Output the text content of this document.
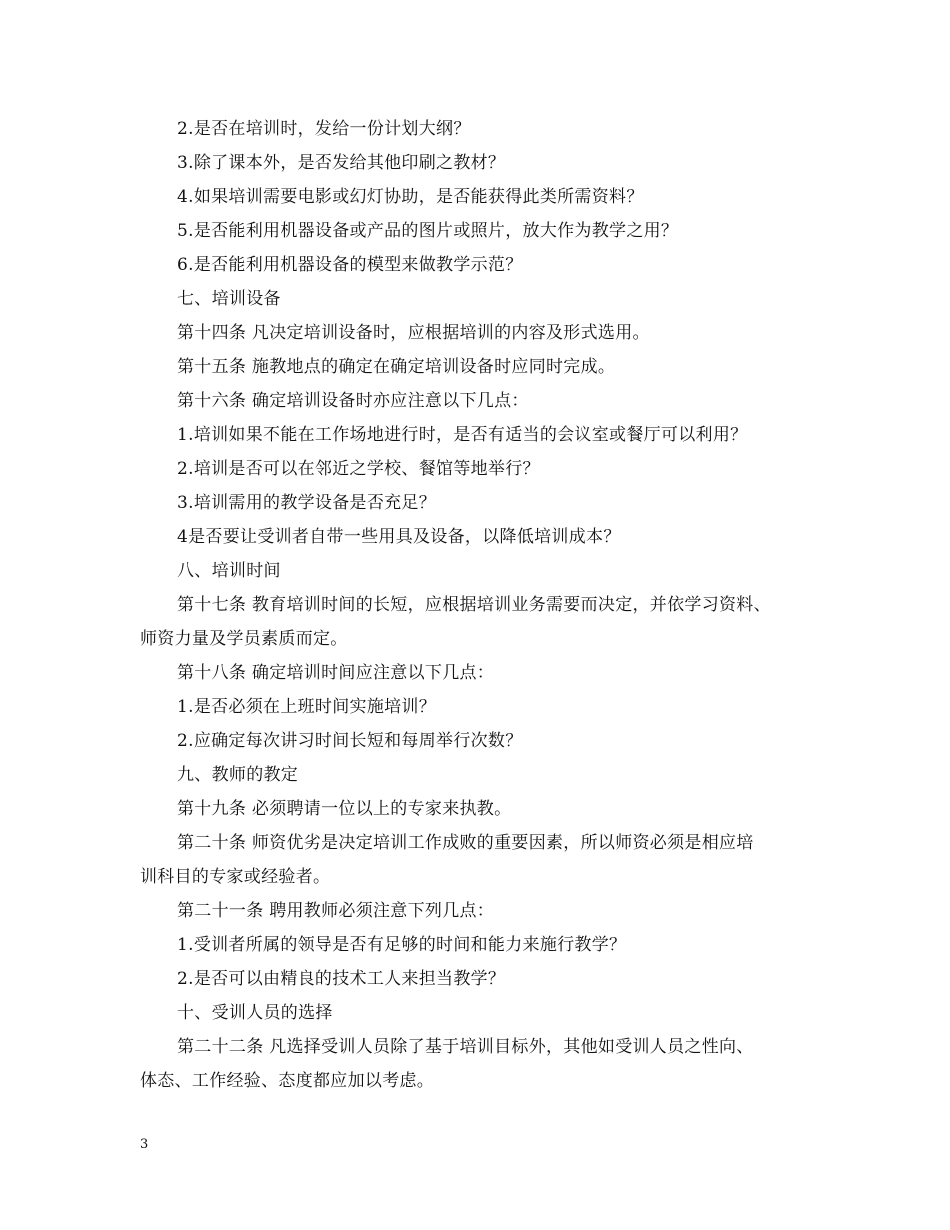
2.是否在培训时，发给一份计划大纲？
3.除了课本外，是否发给其他印刷之教材？
4.如果培训需要电影或幻灯协助，是否能获得此类所需资料？
5.是否能利用机器设备或产品的图片或照片，放大作为教学之用？
6.是否能利用机器设备的模型来做教学示范？
七、培训设备
第十四条 凡决定培训设备时，应根据培训的内容及形式选用。
第十五条 施教地点的确定在确定培训设备时应同时完成。
第十六条 确定培训设备时亦应注意以下几点：
1.培训如果不能在工作场地进行时，是否有适当的会议室或餐厅可以利用？
2.培训是否可以在邻近之学校、餐馆等地举行？
3.培训需用的教学设备是否充足？
4是否要让受训者自带一些用具及设备，以降低培训成本？
八、培训时间
第十七条 教育培训时间的长短，应根据培训业务需要而决定，并依学习资料、
师资力量及学员素质而定。
第十八条 确定培训时间应注意以下几点：
1.是否必须在上班时间实施培训？
2.应确定每次讲习时间长短和每周举行次数？
九、教师的教定
第十九条 必须聘请一位以上的专家来执教。
第二十条 师资优劣是决定培训工作成败的重要因素，所以师资必须是相应培
训科目的专家或经验者。
第二十一条 聘用教师必须注意下列几点：
1.受训者所属的领导是否有足够的时间和能力来施行教学？
2.是否可以由精良的技术工人来担当教学？
十、受训人员的选择
第二十二条 凡选择受训人员除了基于培训目标外，其他如受训人员之性向、
体态、工作经验、态度都应加以考虑。
3
